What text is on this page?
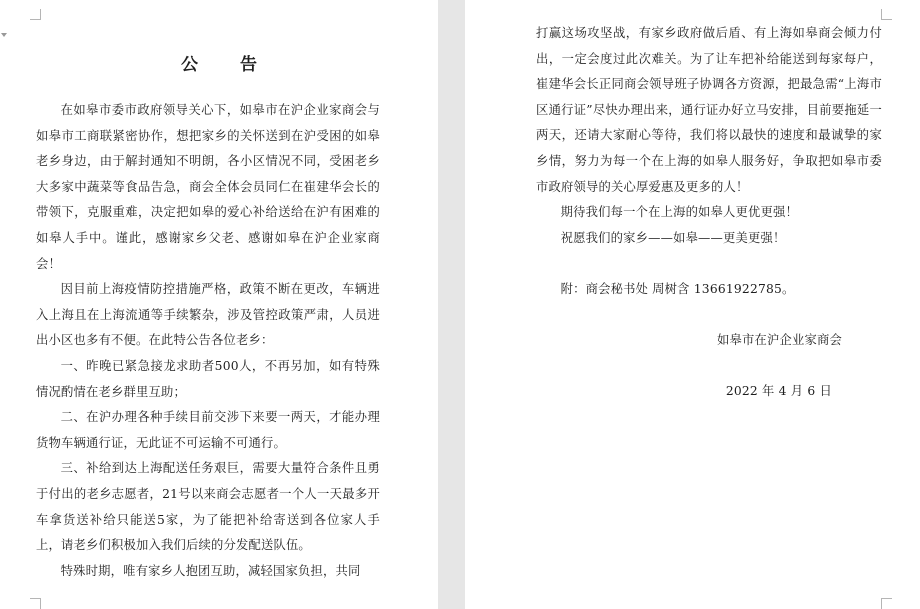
公 告

在如皋市委市政府领导关心下，如皋市在沪企业家商会与如皋市工商联紧密协作，想把家乡的关怀送到在沪受困的如皋老乡身边，由于解封通知不明朗，各小区情况不同，受困老乡大多家中蔬菜等食品告急，商会全体会员同仁在崔建华会长的带领下，克服重难，决定把如皋的爱心补给送给在沪有困难的如皋人手中。谨此，感谢家乡父老、感谢如皋在沪企业家商会！

因目前上海疫情防控措施严格，政策不断在更改，车辆进入上海且在上海流通等手续繁杂，涉及管控政策严肃，人员进出小区也多有不便。在此特公告各位老乡：

一、昨晚已紧急接龙求助者500人，不再另加，如有特殊情况酌情在老乡群里互助；

二、在沪办理各种手续目前交涉下来要一两天，才能办理货物车辆通行证，无此证不可运输不可通行。

三、补给到达上海配送任务艰巨，需要大量符合条件且勇于付出的老乡志愿者，21号以来商会志愿者一个人一天最多开车拿货送补给只能送5家，为了能把补给寄送到各位家人手上，请老乡们积极加入我们后续的分发配送队伍。

特殊时期，唯有家乡人抱团互助，减轻国家负担，共同

打赢这场攻坚战，有家乡政府做后盾、有上海如皋商会倾力付出，一定会度过此次难关。为了让车把补给能送到每家每户，崔建华会长正同商会领导班子协调各方资源，把最急需“上海市区通行证”尽快办理出来，通行证办好立马安排，目前要拖延一两天，还请大家耐心等待，我们将以最快的速度和最诚挚的家乡情，努力为每一个在上海的如皋人服务好，争取把如皋市委市政府领导的关心厚爱惠及更多的人！

期待我们每一个在上海的如皋人更优更强！

祝愿我们的家乡——如皋——更美更强！

附：商会秘书处 周树含 13661922785。

如皋市在沪企业家商会

2022 年 4 月 6 日
